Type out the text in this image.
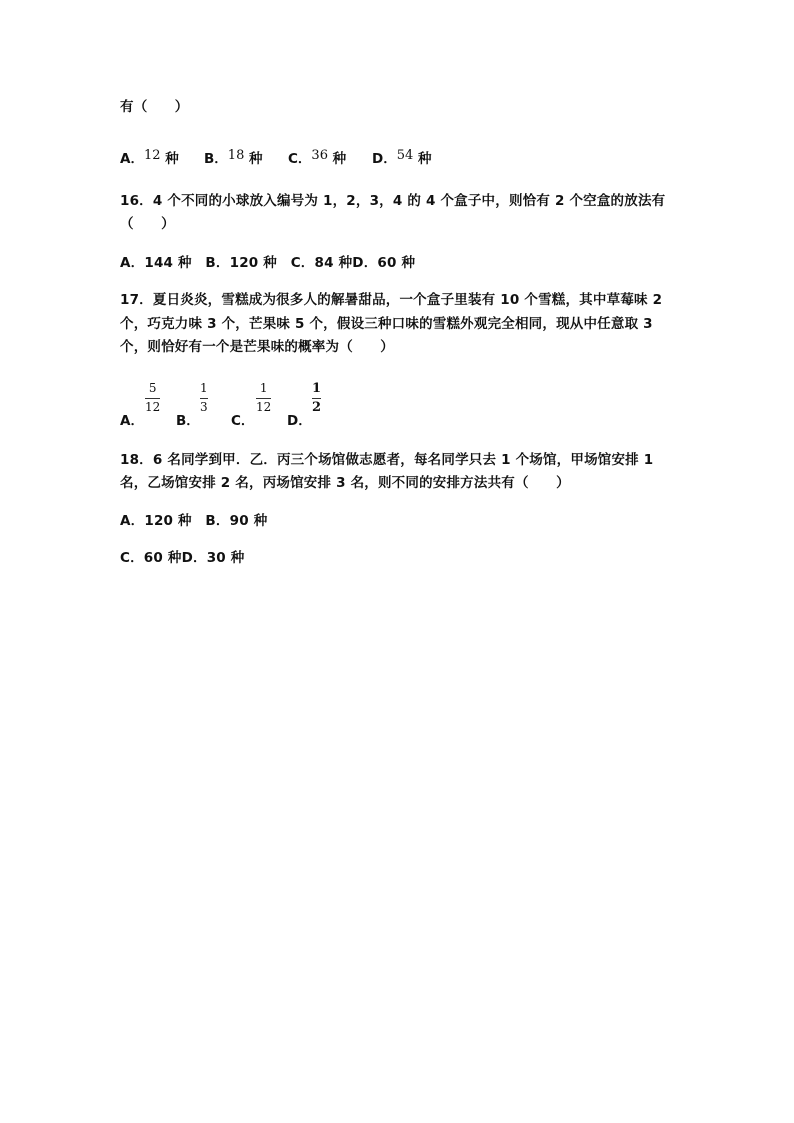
有（　　）
A．12 种 B．18 种 C．36 种 D．54 种
16．4 个不同的小球放入编号为 1，2，3，4 的 4 个盒子中，则恰有 2 个空盒的放法有
（　　）
A．144 种　B．120 种　C．84 种D．60 种
17．夏日炎炎，雪糕成为很多人的解暑甜品，一个盒子里装有 10 个雪糕，其中草莓味 2
个，巧克力味 3 个，芒果味 5 个，假设三种口味的雪糕外观完全相同，现从中任意取 3
个，则恰好有一个是芒果味的概率为（　　）
A．
5
12
B．
1
3
C．
1
12
D．
1
2
18．6 名同学到甲．乙．丙三个场馆做志愿者，每名同学只去 1 个场馆，甲场馆安排 1
名，乙场馆安排 2 名，丙场馆安排 3 名，则不同的安排方法共有（　　）
A．120 种　B．90 种
C．60 种D．30 种
